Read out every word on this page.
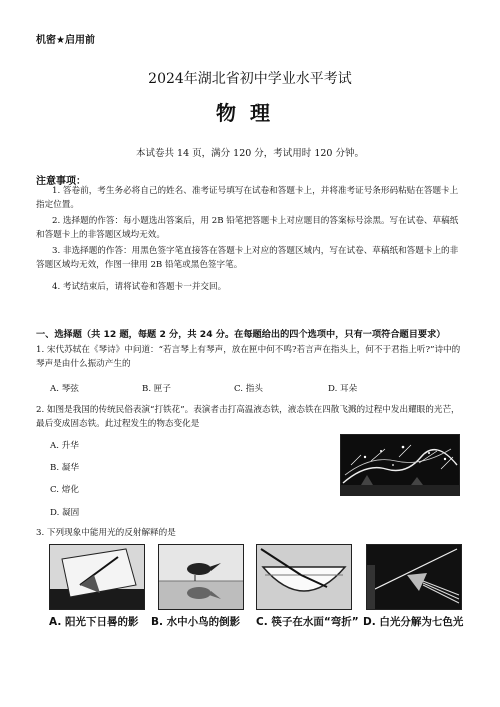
机密★启用前
2024年湖北省初中学业水平考试
物理
本试卷共 14 页，满分 120 分，考试用时 120 分钟。
注意事项：
1. 答卷前，考生务必将自己的姓名、准考证号填写在试卷和答题卡上，并将准考证号条形码粘贴在答题卡上指定位置。
2. 选择题的作答：每小题选出答案后，用 2B 铅笔把答题卡上对应题目的答案标号涂黑。写在试卷、草稿纸和答题卡上的非答题区域均无效。
3. 非选择题的作答：用黑色签字笔直接答在答题卡上对应的答题区域内，写在试卷、草稿纸和答题卡上的非答题区域均无效，作图一律用 2B 铅笔或黑色签字笔。
4. 考试结束后，请将试卷和答题卡一并交回。
一、选择题（共 12 题，每题 2 分，共 24 分。在每题给出的四个选项中，只有一项符合题目要求）
1. 宋代苏轼在《琴诗》中问道：“若言琴上有琴声，放在匣中何不鸣?若言声在指头上，何不于君指上听?”诗中的琴声是由什么振动产生的
A. 琴弦	B. 匣子	C. 指头	D. 耳朵
2. 如图是我国的传统民俗表演“打铁花”。表演者击打高温液态铁，液态铁在四散飞溅的过程中发出耀眼的光芒，最后变成固态铁。此过程发生的物态变化是
A. 升华
B. 凝华
C. 熔化
D. 凝固
3. 下列现象中能用光的反射解释的是
A. 阳光下日晷的影 B. 水中小鸟的倒影 C. 筷子在水面“弯折” D. 白光分解为七色光
